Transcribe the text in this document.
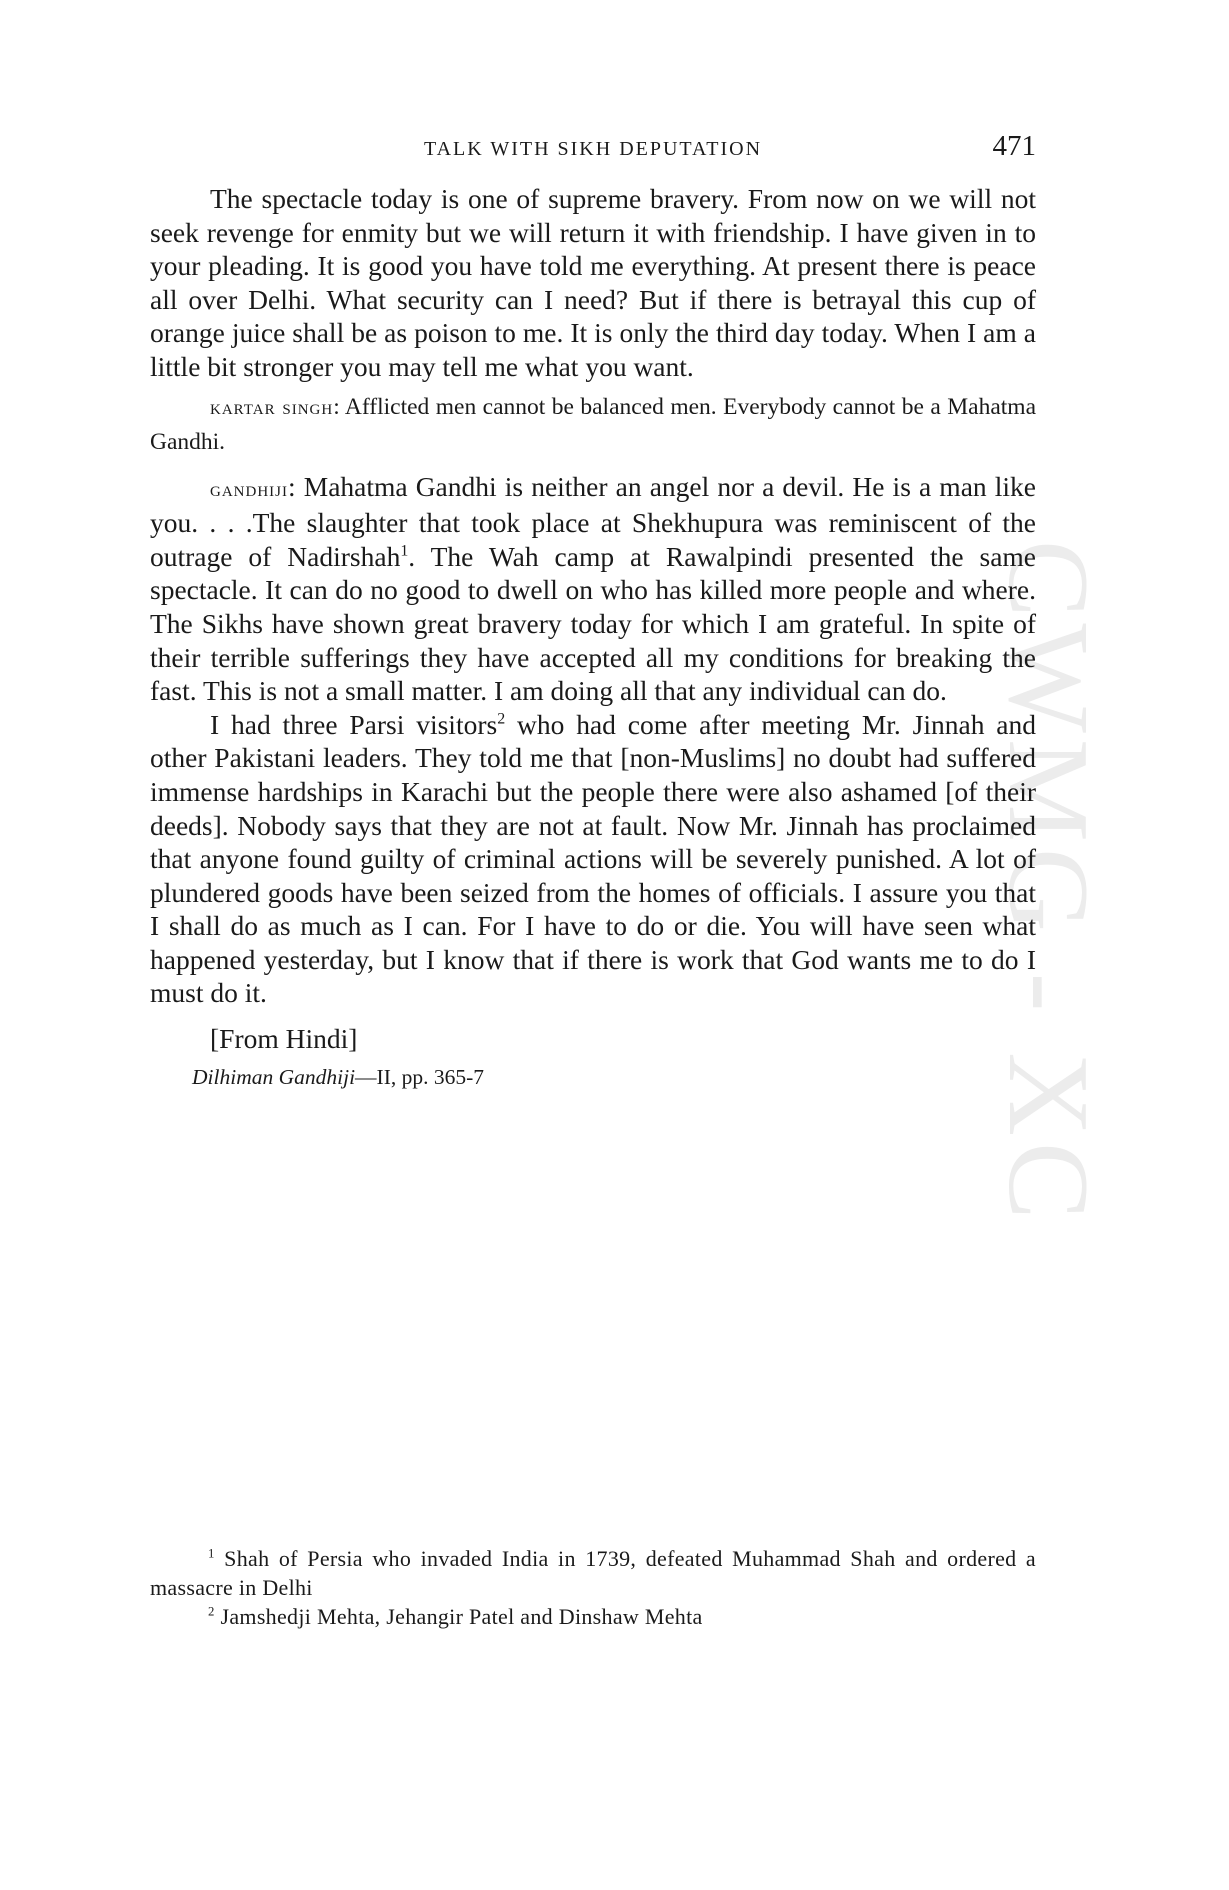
CWMG - XC
TALK WITH SIKH DEPUTATION	471

The spectacle today is one of supreme bravery. From now on we will not seek revenge for enmity but we will return it with friendship. I have given in to your pleading. It is good you have told me everything. At present there is peace all over Delhi. What security can I need? But if there is betrayal this cup of orange juice shall be as poison to me. It is only the third day today. When I am a little bit stronger you may tell me what you want.

kartar singh: Afflicted men cannot be balanced men. Everybody cannot be a Mahatma Gandhi.

gandhiji: Mahatma Gandhi is neither an angel nor a devil. He is a man like you. . . .The slaughter that took place at Shekhupura was reminiscent of the outrage of Nadirshah$^1$. The Wah camp at Rawalpindi presented the same spectacle. It can do no good to dwell on who has killed more people and where. The Sikhs have shown great bravery today for which I am grateful. In spite of their terrible sufferings they have accepted all my conditions for breaking the fast. This is not a small matter. I am doing all that any individual can do.

I had three Parsi visitors$^2$ who had come after meeting Mr. Jinnah and other Pakistani leaders. They told me that [non-Muslims] no doubt had suffered immense hardships in Karachi but the people there were also ashamed [of their deeds]. Nobody says that they are not at fault. Now Mr. Jinnah has proclaimed that anyone found guilty of criminal actions will be severely punished. A lot of plundered goods have been seized from the homes of officials. I assure you that I shall do as much as I can. For I have to do or die. You will have seen what happened yesterday, but I know that if there is work that God wants me to do I must do it.

[From Hindi]

Dilhiman Gandhiji—II, pp. 365-7

$^1$ Shah of Persia who invaded India in 1739, defeated Muhammad Shah and ordered a massacre in Delhi

$^2$ Jamshedji Mehta, Jehangir Patel and Dinshaw Mehta
